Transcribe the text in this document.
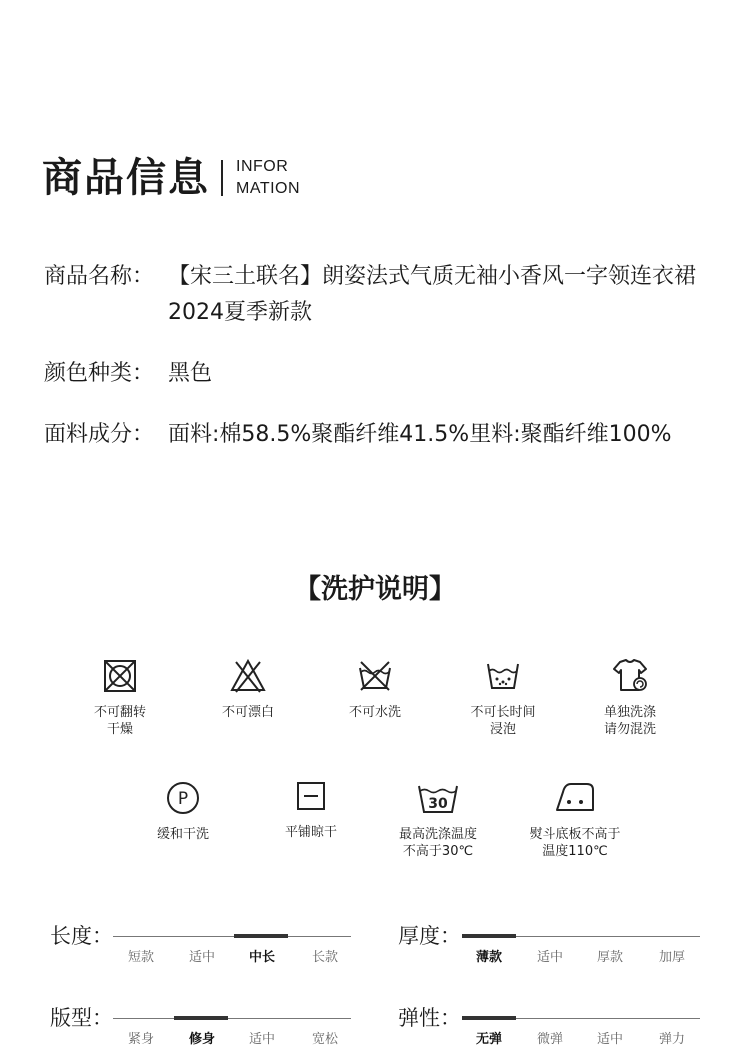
商品信息 INFOR
MATION
商品名称： 【宋三土联名】朗姿法式气质无袖小香风一字领连衣裙2024夏季新款
颜色种类： 黑色
面料成分： 面料:棉58.5%聚酯纤维41.5%里料:聚酯纤维100%
【洗护说明】
不可翻转
干燥
不可漂白	不可水洗	不可长时间
浸泡
单独洗涤
请勿混洗
P
缓和干洗	平铺晾干
30
最高洗涤温度
不高于30℃
熨斗底板不高于
温度110℃
长度：
短款	适中	中长	长款
厚度：
薄款	适中	厚款	加厚
版型：
紧身	修身	适中	宽松
弹性：
无弹	微弹	适中	弹力
